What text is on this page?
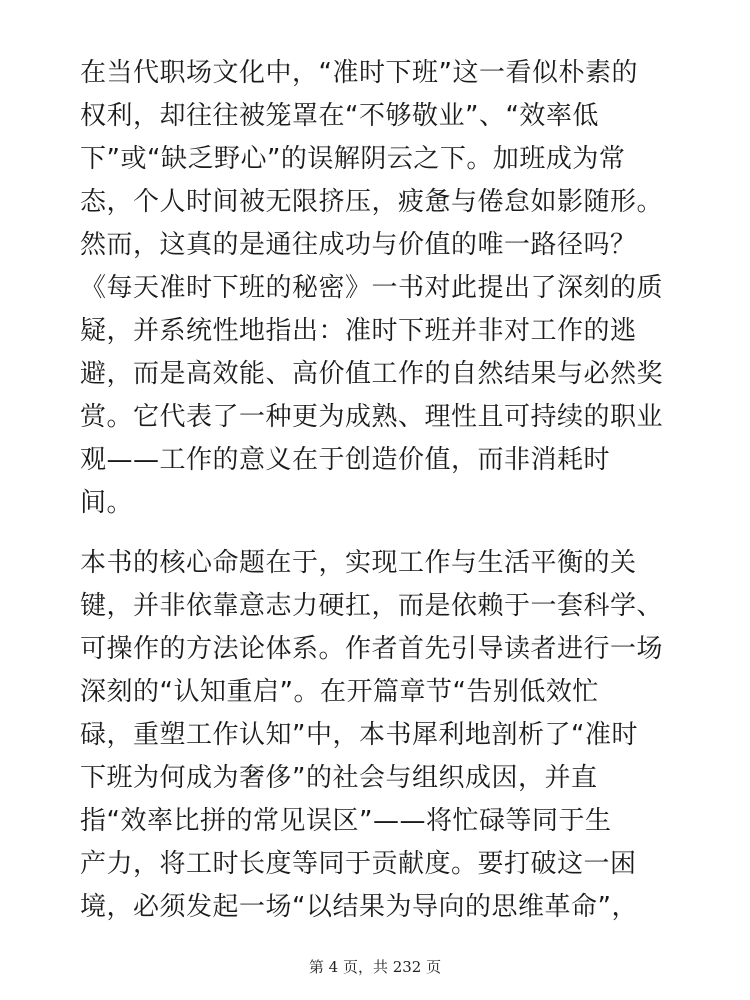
在当代职场文化中，“准时下班”这一看似朴素的
权利，却往往被笼罩在“不够敬业”、“效率低
下”或“缺乏野心”的误解阴云之下。加班成为常
态，个人时间被无限挤压，疲惫与倦怠如影随形。
然而，这真的是通往成功与价值的唯一路径吗？
《每天准时下班的秘密》一书对此提出了深刻的质
疑，并系统性地指出：准时下班并非对工作的逃
避，而是高效能、高价值工作的自然结果与必然奖
赏。它代表了一种更为成熟、理性且可持续的职业
观——工作的意义在于创造价值，而非消耗时
间。

本书的核心命题在于，实现工作与生活平衡的关
键，并非依靠意志力硬扛，而是依赖于一套科学、
可操作的方法论体系。作者首先引导读者进行一场
深刻的“认知重启”。在开篇章节“告别低效忙
碌，重塑工作认知”中，本书犀利地剖析了“准时
下班为何成为奢侈”的社会与组织成因，并直
指“效率比拼的常见误区”——将忙碌等同于生
产力，将工时长度等同于贡献度。要打破这一困
境，必须发起一场“以结果为导向的思维革命”，

第 4 页，共 232 页
